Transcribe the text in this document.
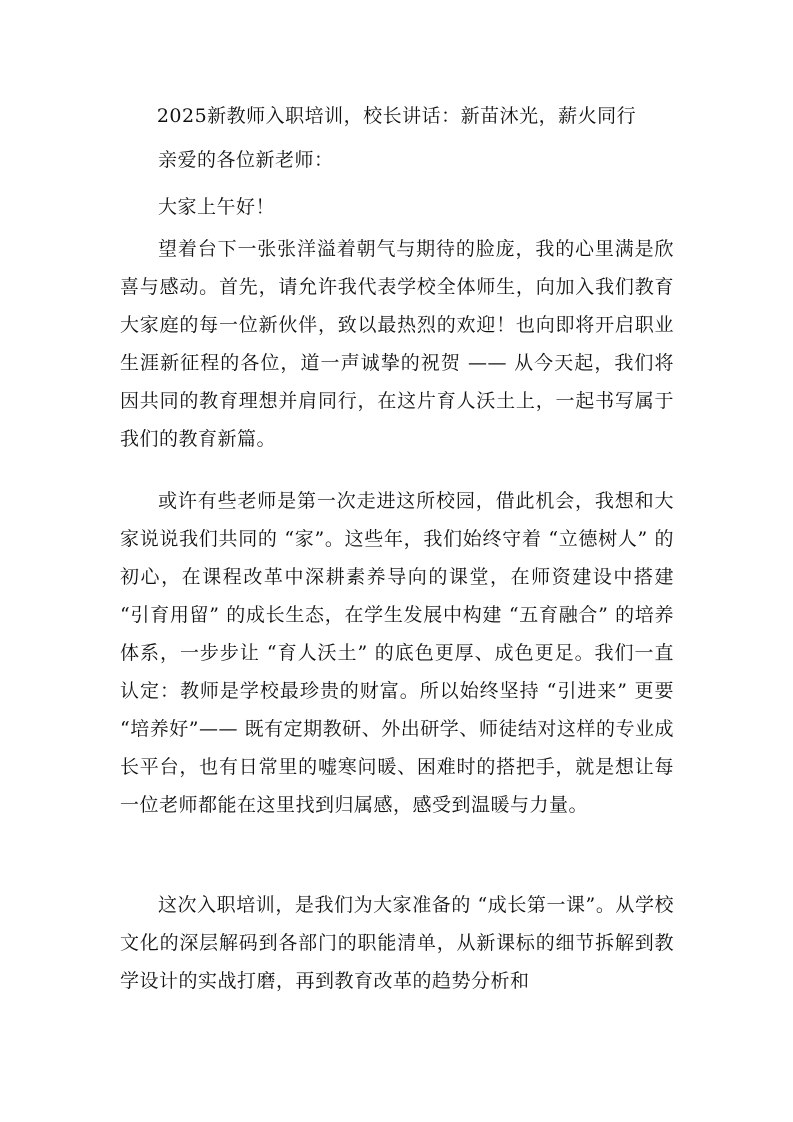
2025新教师入职培训，校长讲话：新苗沐光，薪火同行
亲爱的各位新老师：
大家上午好！
望着台下一张张洋溢着朝气与期待的脸庞，我的心里满是欣喜与感动。首先，请允许我代表学校全体师生，向加入我们教育大家庭的每一位新伙伴，致以最热烈的欢迎！也向即将开启职业生涯新征程的各位，道一声诚挚的祝贺 —— 从今天起，我们将因共同的教育理想并肩同行，在这片育人沃土上，一起书写属于我们的教育新篇。
或许有些老师是第一次走进这所校园，借此机会，我想和大家说说我们共同的 “家”。这些年，我们始终守着 “立德树人” 的初心，在课程改革中深耕素养导向的课堂，在师资建设中搭建 “引育用留” 的成长生态，在学生发展中构建 “五育融合” 的培养体系，一步步让 “育人沃土” 的底色更厚、成色更足。我们一直认定：教师是学校最珍贵的财富。所以始终坚持 “引进来” 更要 “培养好”—— 既有定期教研、外出研学、师徒结对这样的专业成长平台，也有日常里的嘘寒问暖、困难时的搭把手，就是想让每一位老师都能在这里找到归属感，感受到温暖与力量。
这次入职培训，是我们为大家准备的 “成长第一课”。从学校文化的深层解码到各部门的职能清单，从新课标的细节拆解到教学设计的实战打磨，再到教育改革的趋势分析和
